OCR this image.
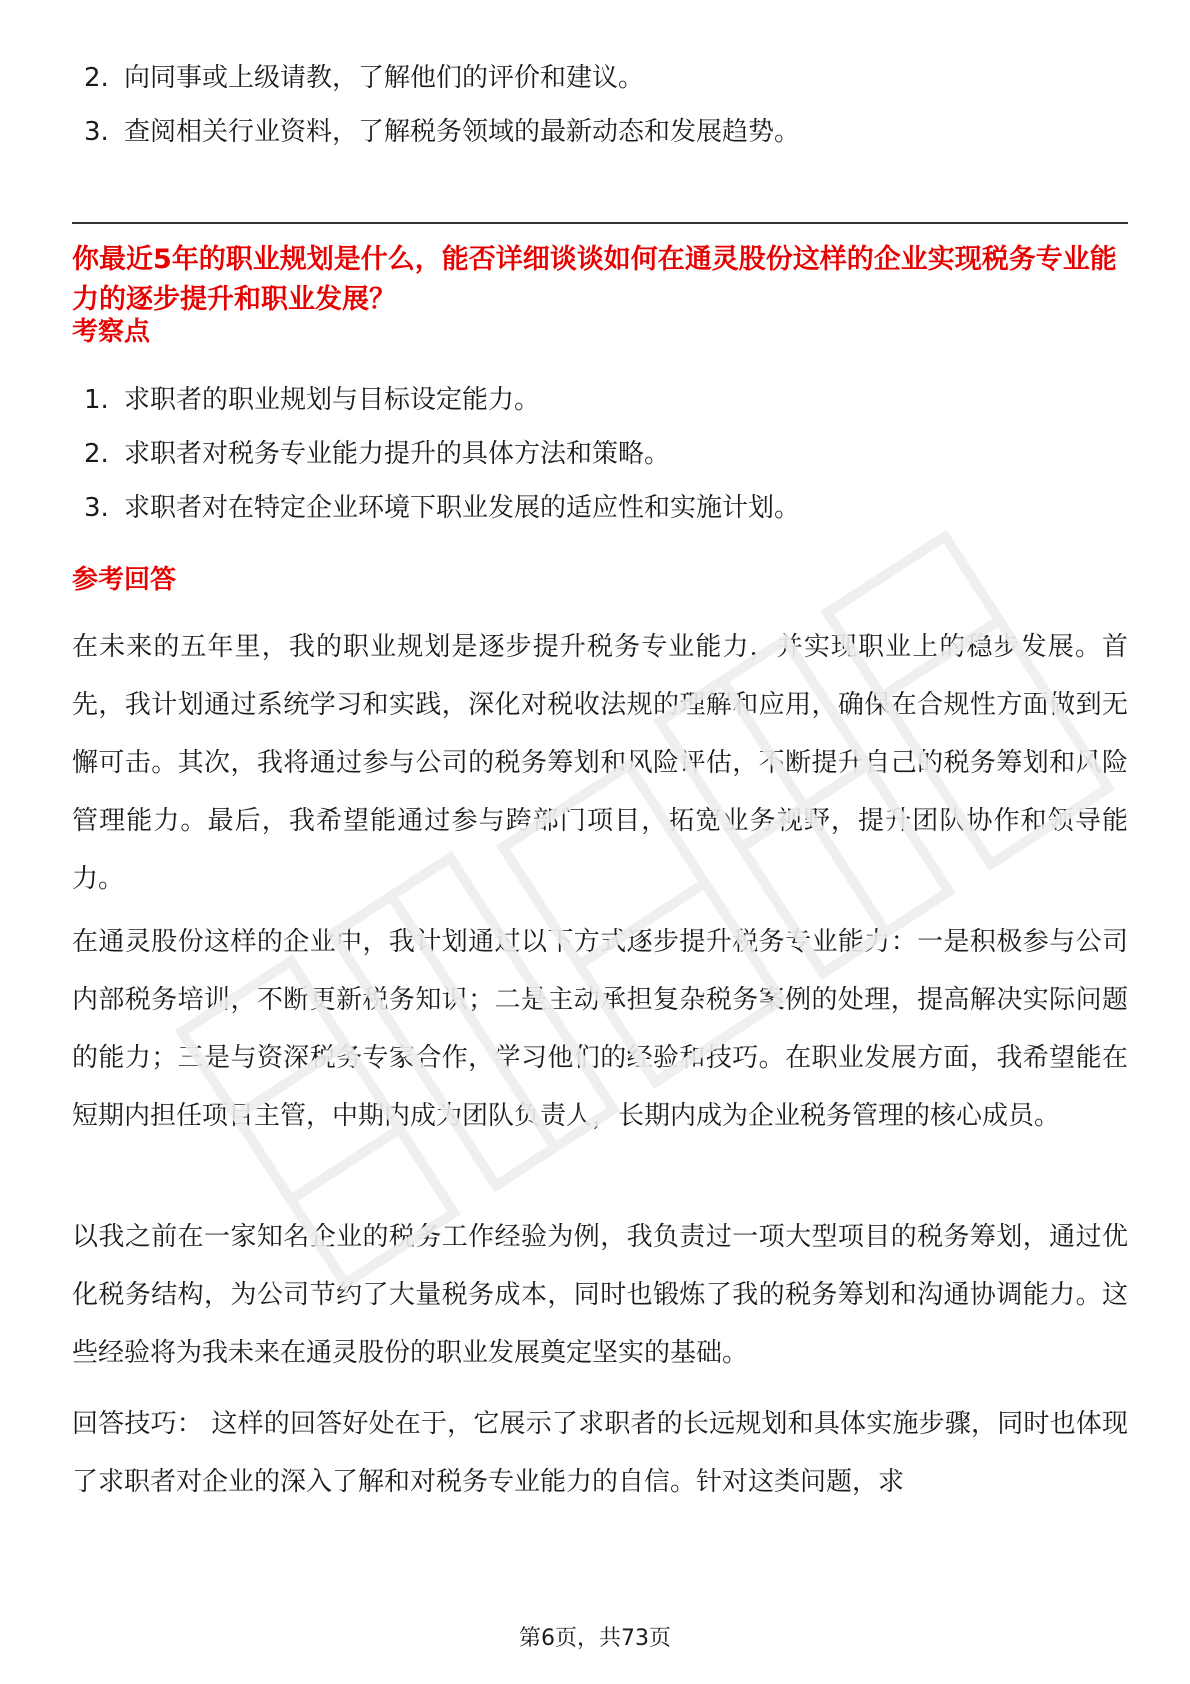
2. 向同事或上级请教，了解他们的评价和建议。
3. 查阅相关行业资料，了解税务领域的最新动态和发展趋势。
你最近5年的职业规划是什么，能否详细谈谈如何在通灵股份这样的企业实现税务专业能力的逐步提升和职业发展？
考察点
1. 求职者的职业规划与目标设定能力。
2. 求职者对税务专业能力提升的具体方法和策略。
3. 求职者对在特定企业环境下职业发展的适应性和实施计划。
参考回答

在未来的五年里，我的职业规划是逐步提升税务专业能力，并实现职业上的稳步发展。首先，我计划通过系统学习和实践，深化对税收法规的理解和应用，确保在合规性方面做到无懈可击。其次，我将通过参与公司的税务筹划和风险评估，不断提升自己的税务筹划和风险管理能力。最后，我希望能通过参与跨部门项目，拓宽业务视野，提升团队协作和领导能力。

在通灵股份这样的企业中，我计划通过以下方式逐步提升税务专业能力：一是积极参与公司内部税务培训，不断更新税务知识；二是主动承担复杂税务案例的处理，提高解决实际问题的能力；三是与资深税务专家合作，学习他们的经验和技巧。在职业发展方面，我希望能在短期内担任项目主管，中期内成为团队负责人，长期内成为企业税务管理的核心成员。

以我之前在一家知名企业的税务工作经验为例，我负责过一项大型项目的税务筹划，通过优化税务结构，为公司节约了大量税务成本，同时也锻炼了我的税务筹划和沟通协调能力。这些经验将为我未来在通灵股份的职业发展奠定坚实的基础。

回答技巧： 这样的回答好处在于，它展示了求职者的长远规划和具体实施步骤，同时也体现了求职者对企业的深入了解和对税务专业能力的自信。针对这类问题，求

第6页，共73页
